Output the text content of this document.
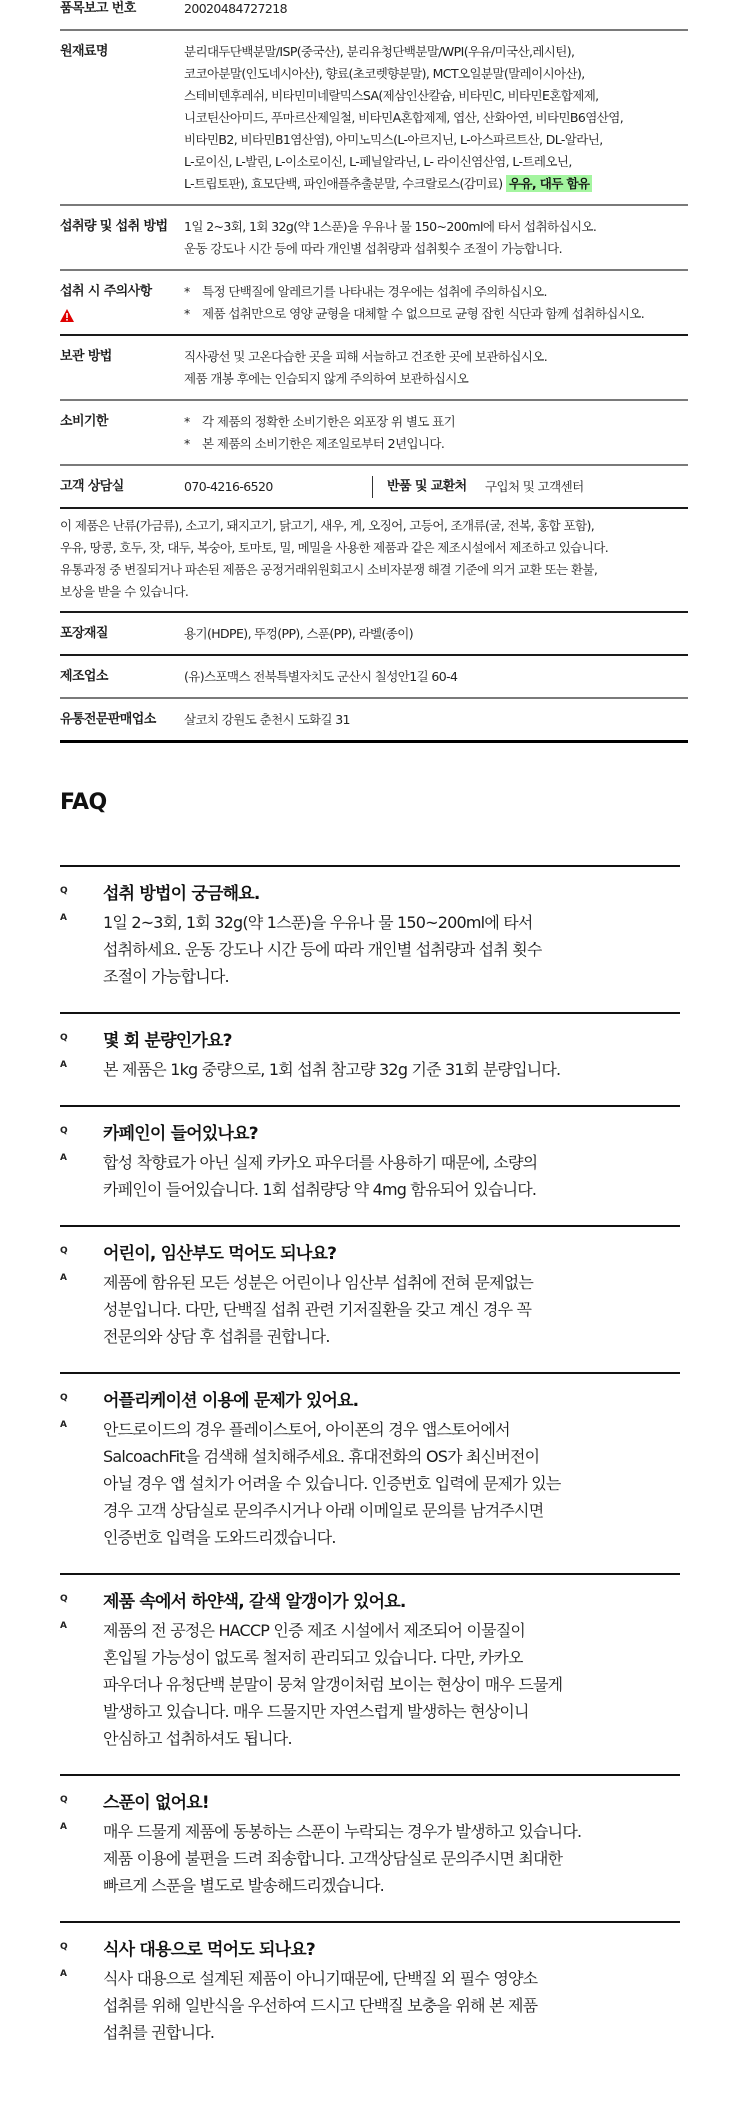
품목보고 번호	20020484727218
원재료명	분리대두단백분말/ISP(중국산), 분리유청단백분말/WPI(우유/미국산,레시틴),
코코아분말(인도네시아산), 향료(초코렛향분말), MCT오일분말(말레이시아산),
스테비텐후레쉬, 비타민미네랄믹스SA(제삼인산칼슘, 비타민C, 비타민E혼합제제,
니코틴산아미드, 푸마르산제일철, 비타민A혼합제제, 엽산, 산화아연, 비타민B6염산염,
비타민B2, 비타민B1염산염), 아미노믹스(L-아르지닌, L-아스파르트산, DL-알라닌,
L-로이신, L-발린, L-이소로이신, L-페닐알라닌, L- 라이신염산염, L-트레오닌,
L-트립토판), 효모단백, 파인애플추출분말, 수크랄로스(감미료) 우유, 대두 함유
섭취량 및 섭취 방법	1일 2~3회, 1회 32g(약 1스푼)을 우유나 물 150~200ml에 타서 섭취하십시오.
운동 강도나 시간 등에 따라 개인별 섭취량과 섭취횟수 조절이 가능합니다.
섭취 시 주의사항	* 특정 단백질에 알레르기를 나타내는 경우에는 섭취에 주의하십시오.
* 제품 섭취만으로 영양 균형을 대체할 수 없으므로 균형 잡힌 식단과 함께 섭취하십시오.
보관 방법	직사광선 및 고온다습한 곳을 피해 서늘하고 건조한 곳에 보관하십시오.
제품 개봉 후에는 인습되지 않게 주의하여 보관하십시오
소비기한	* 각 제품의 정확한 소비기한은 외포장 위 별도 표기
* 본 제품의 소비기한은 제조일로부터 2년입니다.
고객 상담실	070-4216-6520	반품 및 교환처	구입처 및 고객센터
이 제품은 난류(가금류), 소고기, 돼지고기, 닭고기, 새우, 게, 오징어, 고등어, 조개류(굴, 전복, 홍합 포함),
우유, 땅콩, 호두, 잣, 대두, 복숭아, 토마토, 밀, 메밀을 사용한 제품과 같은 제조시설에서 제조하고 있습니다.
유통과정 중 변질되거나 파손된 제품은 공정거래위원회고시 소비자분쟁 해결 기준에 의거 교환 또는 환불,
보상을 받을 수 있습니다.
포장재질	용기(HDPE), 뚜껑(PP), 스푼(PP), 라벨(종이)
제조업소	(유)스포맥스 전북특별자치도 군산시 칠성안1길 60-4
유통전문판매업소	살코치 강원도 춘천시 도화길 31
FAQ
Q	섭취 방법이 궁금해요.
A	1일 2~3회, 1회 32g(약 1스푼)을 우유나 물 150~200ml에 타서
섭취하세요. 운동 강도나 시간 등에 따라 개인별 섭취량과 섭취 횟수
조절이 가능합니다.
Q	몇 회 분량인가요?
A	본 제품은 1kg 중량으로, 1회 섭취 참고량 32g 기준 31회 분량입니다.
Q	카페인이 들어있나요?
A	합성 착향료가 아닌 실제 카카오 파우더를 사용하기 때문에, 소량의
카페인이 들어있습니다. 1회 섭취량당 약 4mg 함유되어 있습니다.
Q	어린이, 임산부도 먹어도 되나요?
A	제품에 함유된 모든 성분은 어린이나 임산부 섭취에 전혀 문제없는
성분입니다. 다만, 단백질 섭취 관련 기저질환을 갖고 계신 경우 꼭
전문의와 상담 후 섭취를 권합니다.
Q	어플리케이션 이용에 문제가 있어요.
A	안드로이드의 경우 플레이스토어, 아이폰의 경우 앱스토어에서
SalcoachFit을 검색해 설치해주세요. 휴대전화의 OS가 최신버전이
아닐 경우 앱 설치가 어려울 수 있습니다. 인증번호 입력에 문제가 있는
경우 고객 상담실로 문의주시거나 아래 이메일로 문의를 남겨주시면
인증번호 입력을 도와드리겠습니다.
Q	제품 속에서 하얀색, 갈색 알갱이가 있어요.
A	제품의 전 공정은 HACCP 인증 제조 시설에서 제조되어 이물질이
혼입될 가능성이 없도록 철저히 관리되고 있습니다. 다만, 카카오
파우더나 유청단백 분말이 뭉쳐 알갱이처럼 보이는 현상이 매우 드물게
발생하고 있습니다. 매우 드물지만 자연스럽게 발생하는 현상이니
안심하고 섭취하셔도 됩니다.
Q	스푼이 없어요!
A	매우 드물게 제품에 동봉하는 스푼이 누락되는 경우가 발생하고 있습니다.
제품 이용에 불편을 드려 죄송합니다. 고객상담실로 문의주시면 최대한
빠르게 스푼을 별도로 발송해드리겠습니다.
Q	식사 대용으로 먹어도 되나요?
A	식사 대용으로 설계된 제품이 아니기때문에, 단백질 외 필수 영양소
섭취를 위해 일반식을 우선하여 드시고 단백질 보충을 위해 본 제품
섭취를 권합니다.
